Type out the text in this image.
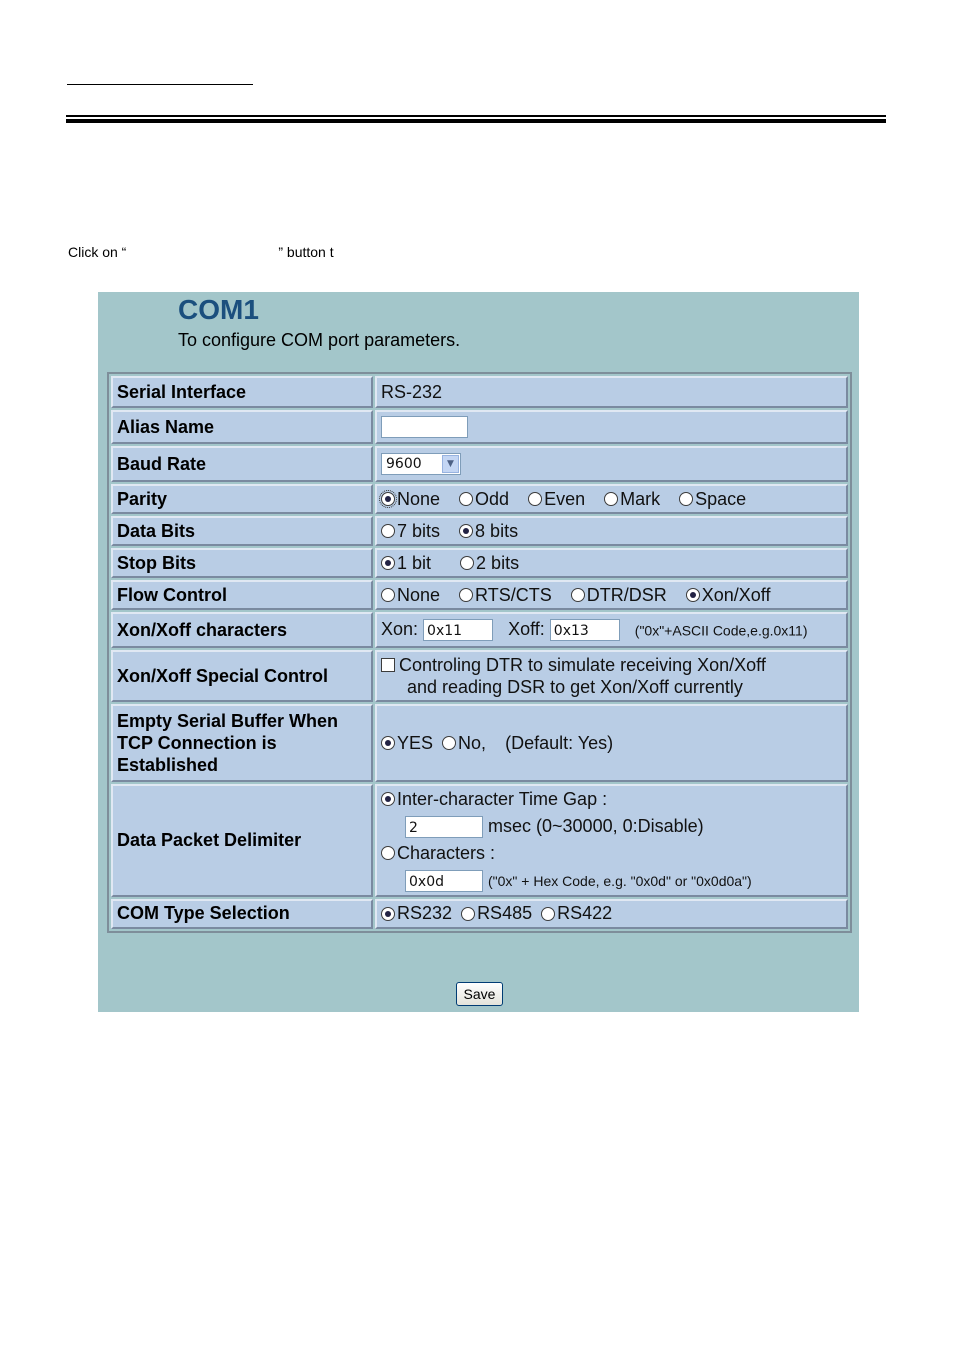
Click on “	” button t
COM1
To configure COM port parameters.
Serial Interface	RS-232
Alias Name	
Baud Rate	9600 ▼

Parity	None Odd Even Mark Space
Data Bits	7 bits 8 bits
Stop Bits	1 bit 2 bits
Flow Control	None RTS/CTS DTR/DSR Xon/Xoff
Xon/Xoff characters	Xon: 0x11 Xoff: 0x13 ("0x"+ASCII Code,e.g.0x11)
Xon/Xoff Special Control	Controling DTR to simulate receiving Xon/Xoff
and reading DSR to get Xon/Xoff currently
Empty Serial Buffer When
TCP Connection is
Established	YES No, (Default: Yes)
Data Packet Delimiter	Inter-character Time Gap :
2 msec (0~30000, 0:Disable)
Characters :
0x0d ("0x" + Hex Code, e.g. "0x0d" or "0x0d0a")
COM Type Selection	RS232 RS485 RS422
Save
